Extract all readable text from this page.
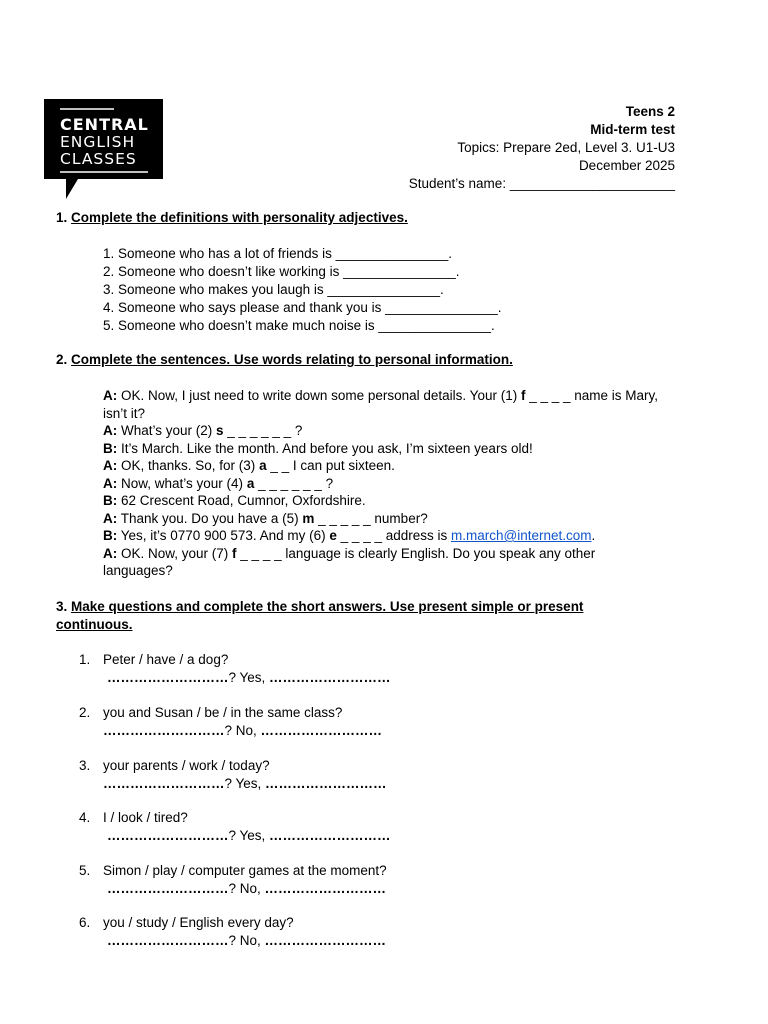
CENTRAL
ENGLISH
CLASSES
Teens 2
Mid-term test
Topics: Prepare 2ed, Level 3. U1-U3
December 2025
Student’s name: ______________________
1. Complete the definitions with personality adjectives.
1. Someone who has a lot of friends is _______________.
2. Someone who doesn’t like working is _______________.
3. Someone who makes you laugh is _______________.
4. Someone who says please and thank you is _______________.
5. Someone who doesn’t make much noise is _______________.
2. Complete the sentences. Use words relating to personal information.
A: OK. Now, I just need to write down some personal details. Your (1) f _ _ _ _ name is Mary, isn’t it?
A: What’s your (2) s _ _ _ _ _ _ ?
B: It’s March. Like the month. And before you ask, I’m sixteen years old!
A: OK, thanks. So, for (3) a _ _ I can put sixteen.
A: Now, what’s your (4) a _ _ _ _ _ _ ?
B: 62 Crescent Road, Cumnor, Oxfordshire.
A: Thank you. Do you have a (5) m _ _ _ _ _ number?
B: Yes, it’s 0770 900 573. And my (6) e _ _ _ _ address is m.march@internet.com.
A: OK. Now, your (7) f _ _ _ _ language is clearly English. Do you speak any other languages?
3. Make questions and complete the short answers. Use present simple or present
continuous.
1. Peter / have / a dog?
………………………? Yes, ………………………
2. you and Susan / be / in the same class?
………………………? No, ………………………
3. your parents / work / today?
………………………? Yes, ………………………
4. I / look / tired?
………………………? Yes, ………………………
5. Simon / play / computer games at the moment?
………………………? No, ………………………
6. you / study / English every day?
………………………? No, ………………………
